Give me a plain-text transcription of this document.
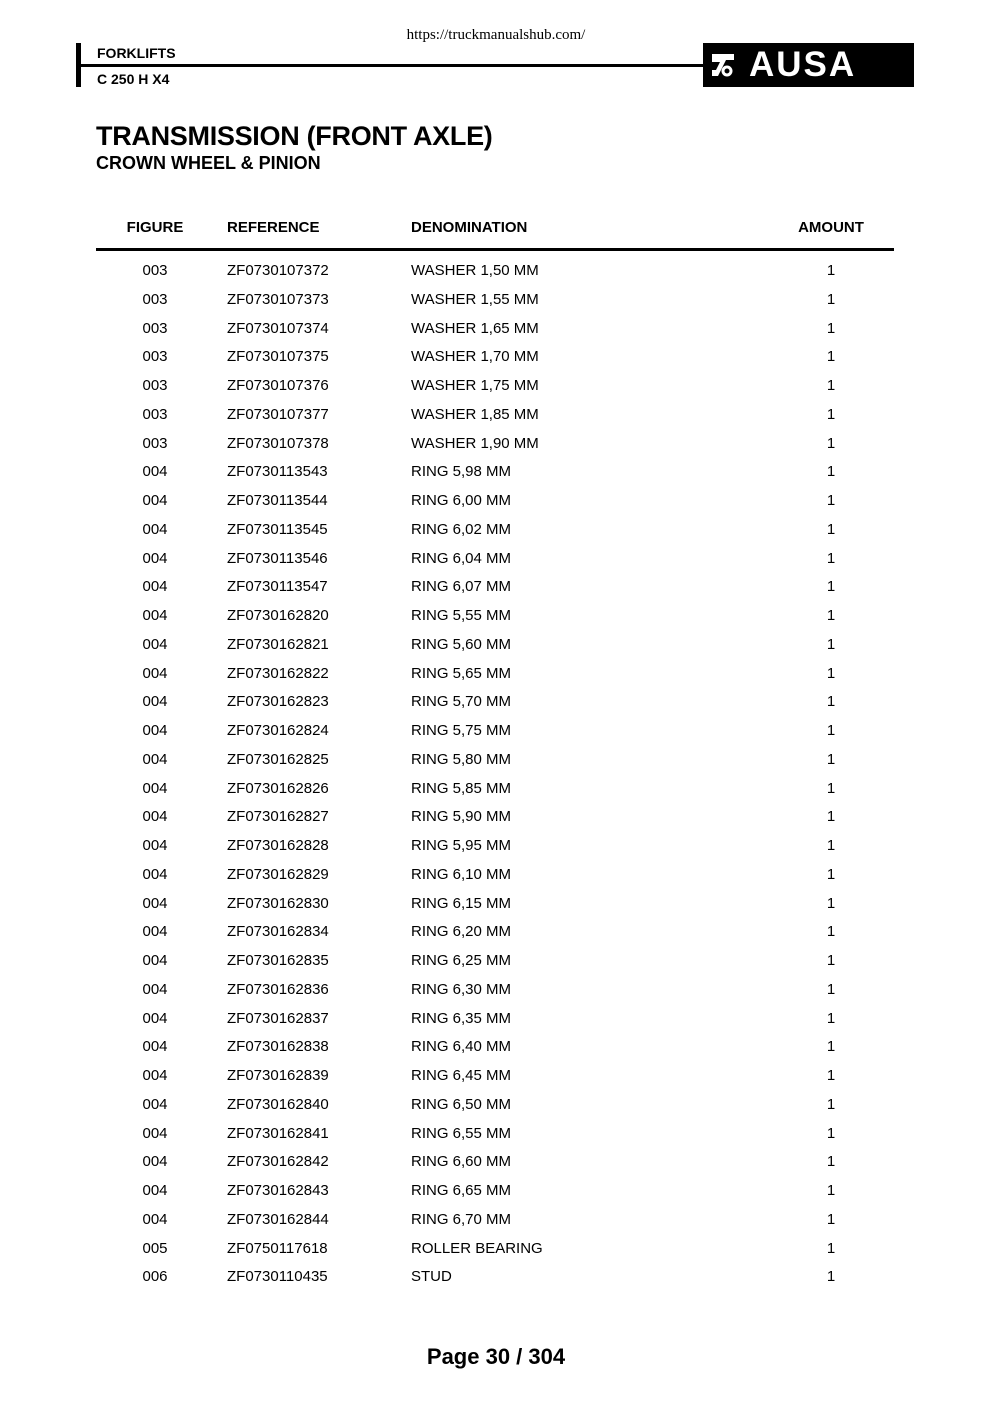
https://truckmanualshub.com/
FORKLIFTS
C 250 H X4	AUSA
TRANSMISSION (FRONT AXLE)
CROWN WHEEL & PINION
FIGURE	REFERENCE	DENOMINATION	AMOUNT
003	ZF0730107372	WASHER 1,50 MM	1
003	ZF0730107373	WASHER 1,55 MM	1
003	ZF0730107374	WASHER 1,65 MM	1
003	ZF0730107375	WASHER 1,70 MM	1
003	ZF0730107376	WASHER 1,75 MM	1
003	ZF0730107377	WASHER 1,85 MM	1
003	ZF0730107378	WASHER 1,90 MM	1
004	ZF0730113543	RING 5,98 MM	1
004	ZF0730113544	RING 6,00 MM	1
004	ZF0730113545	RING 6,02 MM	1
004	ZF0730113546	RING 6,04 MM	1
004	ZF0730113547	RING 6,07 MM	1
004	ZF0730162820	RING 5,55 MM	1
004	ZF0730162821	RING 5,60 MM	1
004	ZF0730162822	RING 5,65 MM	1
004	ZF0730162823	RING 5,70 MM	1
004	ZF0730162824	RING 5,75 MM	1
004	ZF0730162825	RING 5,80 MM	1
004	ZF0730162826	RING 5,85 MM	1
004	ZF0730162827	RING 5,90 MM	1
004	ZF0730162828	RING 5,95 MM	1
004	ZF0730162829	RING 6,10 MM	1
004	ZF0730162830	RING 6,15 MM	1
004	ZF0730162834	RING 6,20 MM	1
004	ZF0730162835	RING 6,25 MM	1
004	ZF0730162836	RING 6,30 MM	1
004	ZF0730162837	RING 6,35 MM	1
004	ZF0730162838	RING 6,40 MM	1
004	ZF0730162839	RING 6,45 MM	1
004	ZF0730162840	RING 6,50 MM	1
004	ZF0730162841	RING 6,55 MM	1
004	ZF0730162842	RING 6,60 MM	1
004	ZF0730162843	RING 6,65 MM	1
004	ZF0730162844	RING 6,70 MM	1
005	ZF0750117618	ROLLER BEARING	1
006	ZF0730110435	STUD	1
Page 30 / 304
